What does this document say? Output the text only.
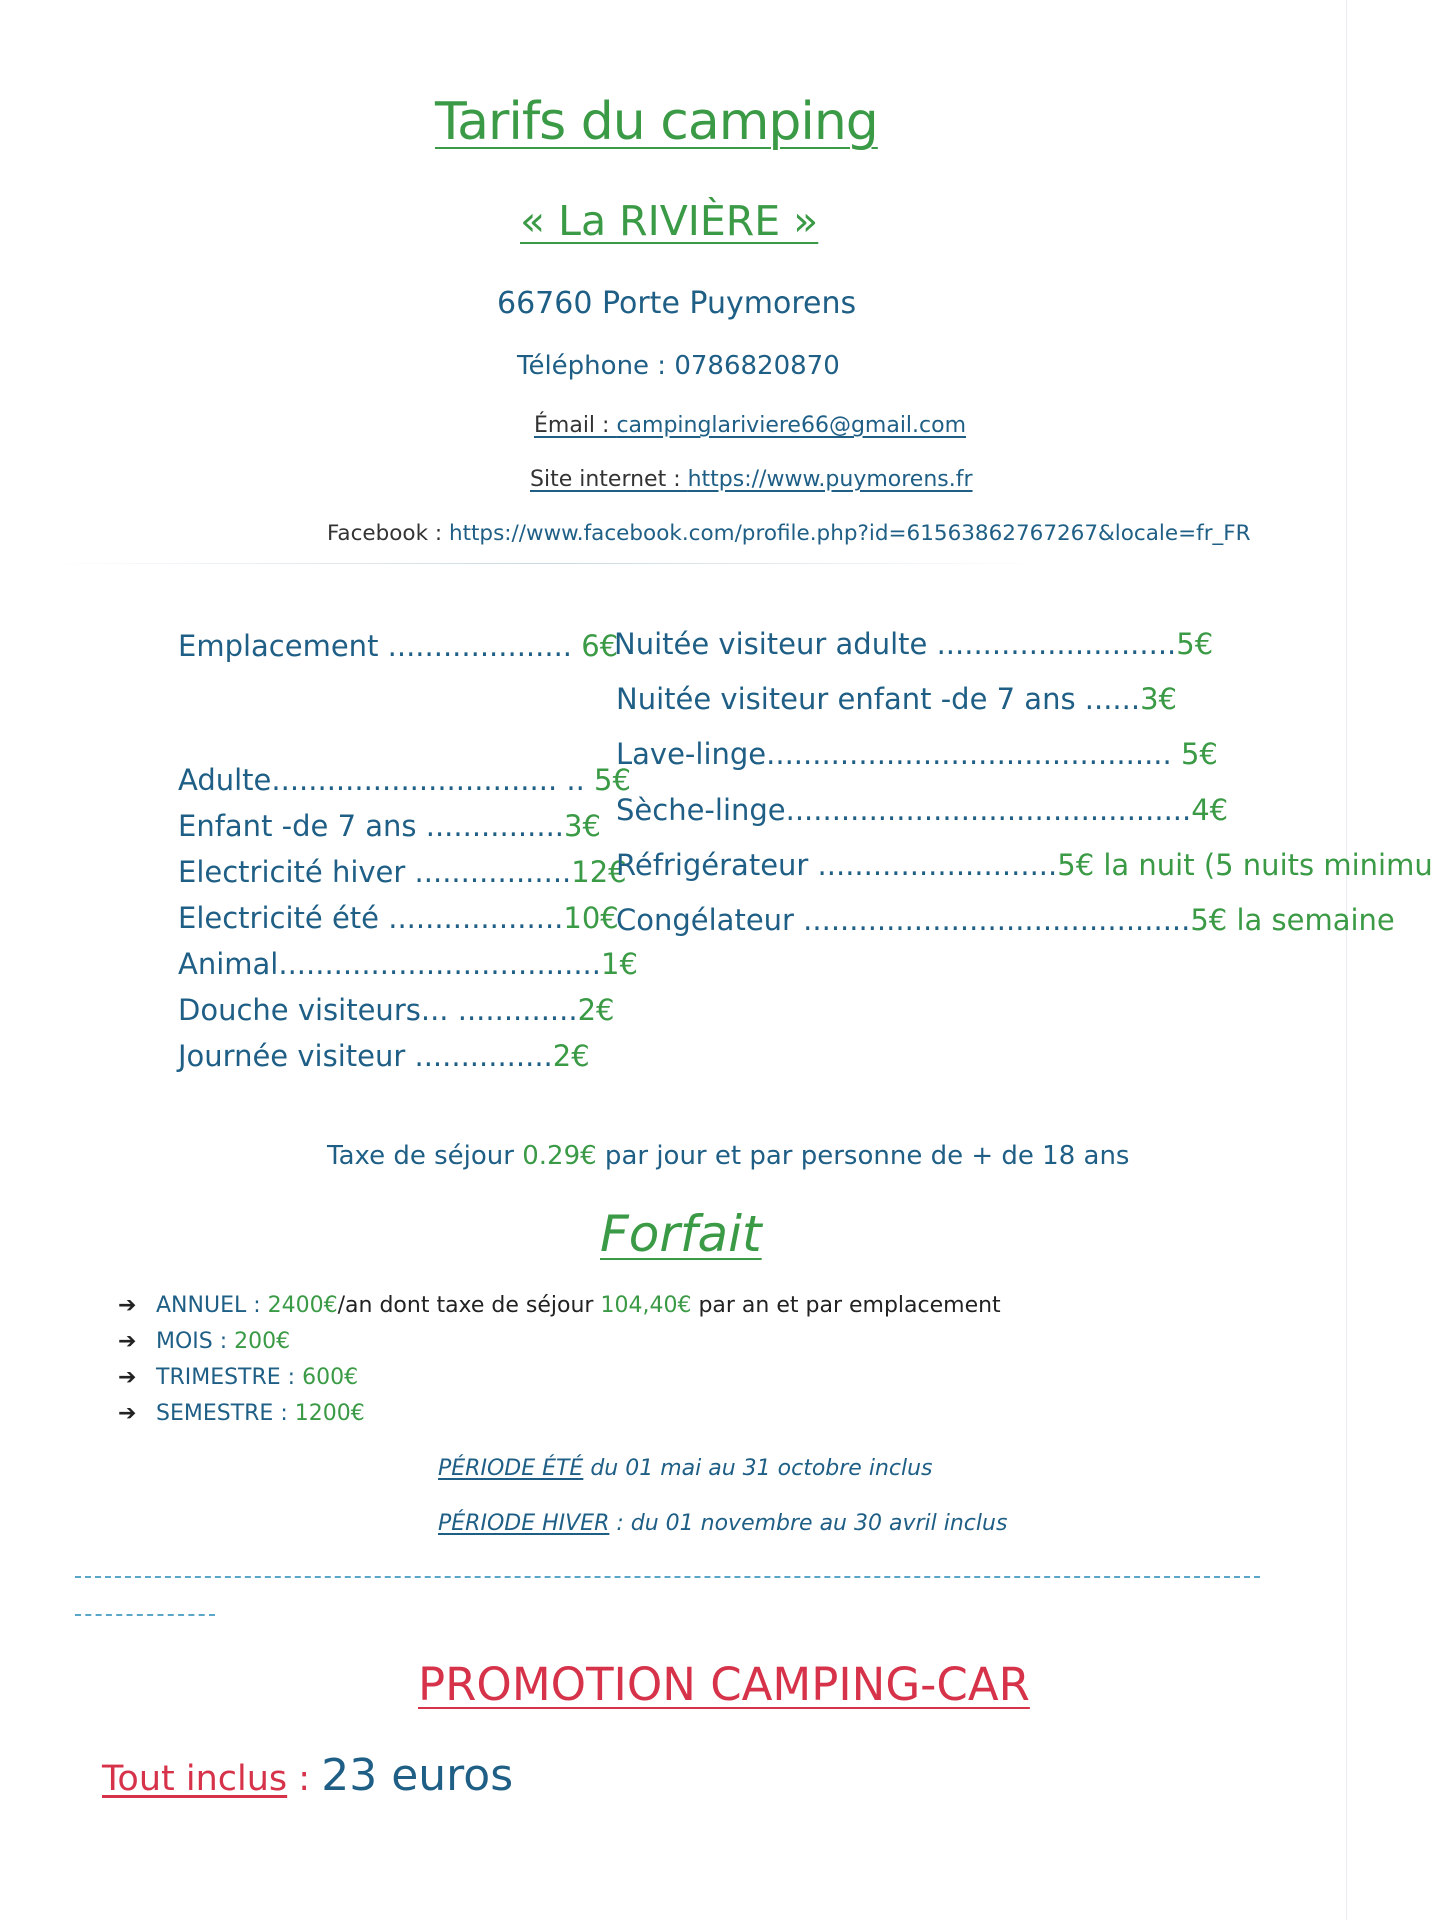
Tarifs du camping
« La RIVIÈRE »
66760 Porte Puymorens
Téléphone : 0786820870
Émail : campinglariviere66@gmail.com
Site internet : https://www.puymorens.fr
Facebook : https://www.facebook.com/profile.php?id=61563862767267&locale=fr_FR
Emplacement .................... 6€
Adulte............................... .. 5€
Enfant -de 7 ans ...............3€
Electricité hiver .................12€
Electricité été ...................10€
Animal...................................1€
Douche visiteurs... .............2€
Journée visiteur ...............2€
Nuitée visiteur adulte ..........................5€
Nuitée visiteur enfant -de 7 ans ......3€
Lave-linge............................................ 5€
Sèche-linge............................................4€
Réfrigérateur ..........................5€ la nuit (5 nuits minimu
Congélateur ..........................................5€ la semaine
Taxe de séjour 0.29€ par jour et par personne de + de 18 ans
Forfait
➔ ANNUEL : 2400€/an dont taxe de séjour 104,40€ par an et par emplacement
➔ MOIS : 200€
➔ TRIMESTRE : 600€
➔ SEMESTRE : 1200€
PÉRIODE ÉTÉ du 01 mai au 31 octobre inclus
PÉRIODE HIVER : du 01 novembre au 30 avril inclus
PROMOTION CAMPING-CAR
Tout inclus : 23 euros
